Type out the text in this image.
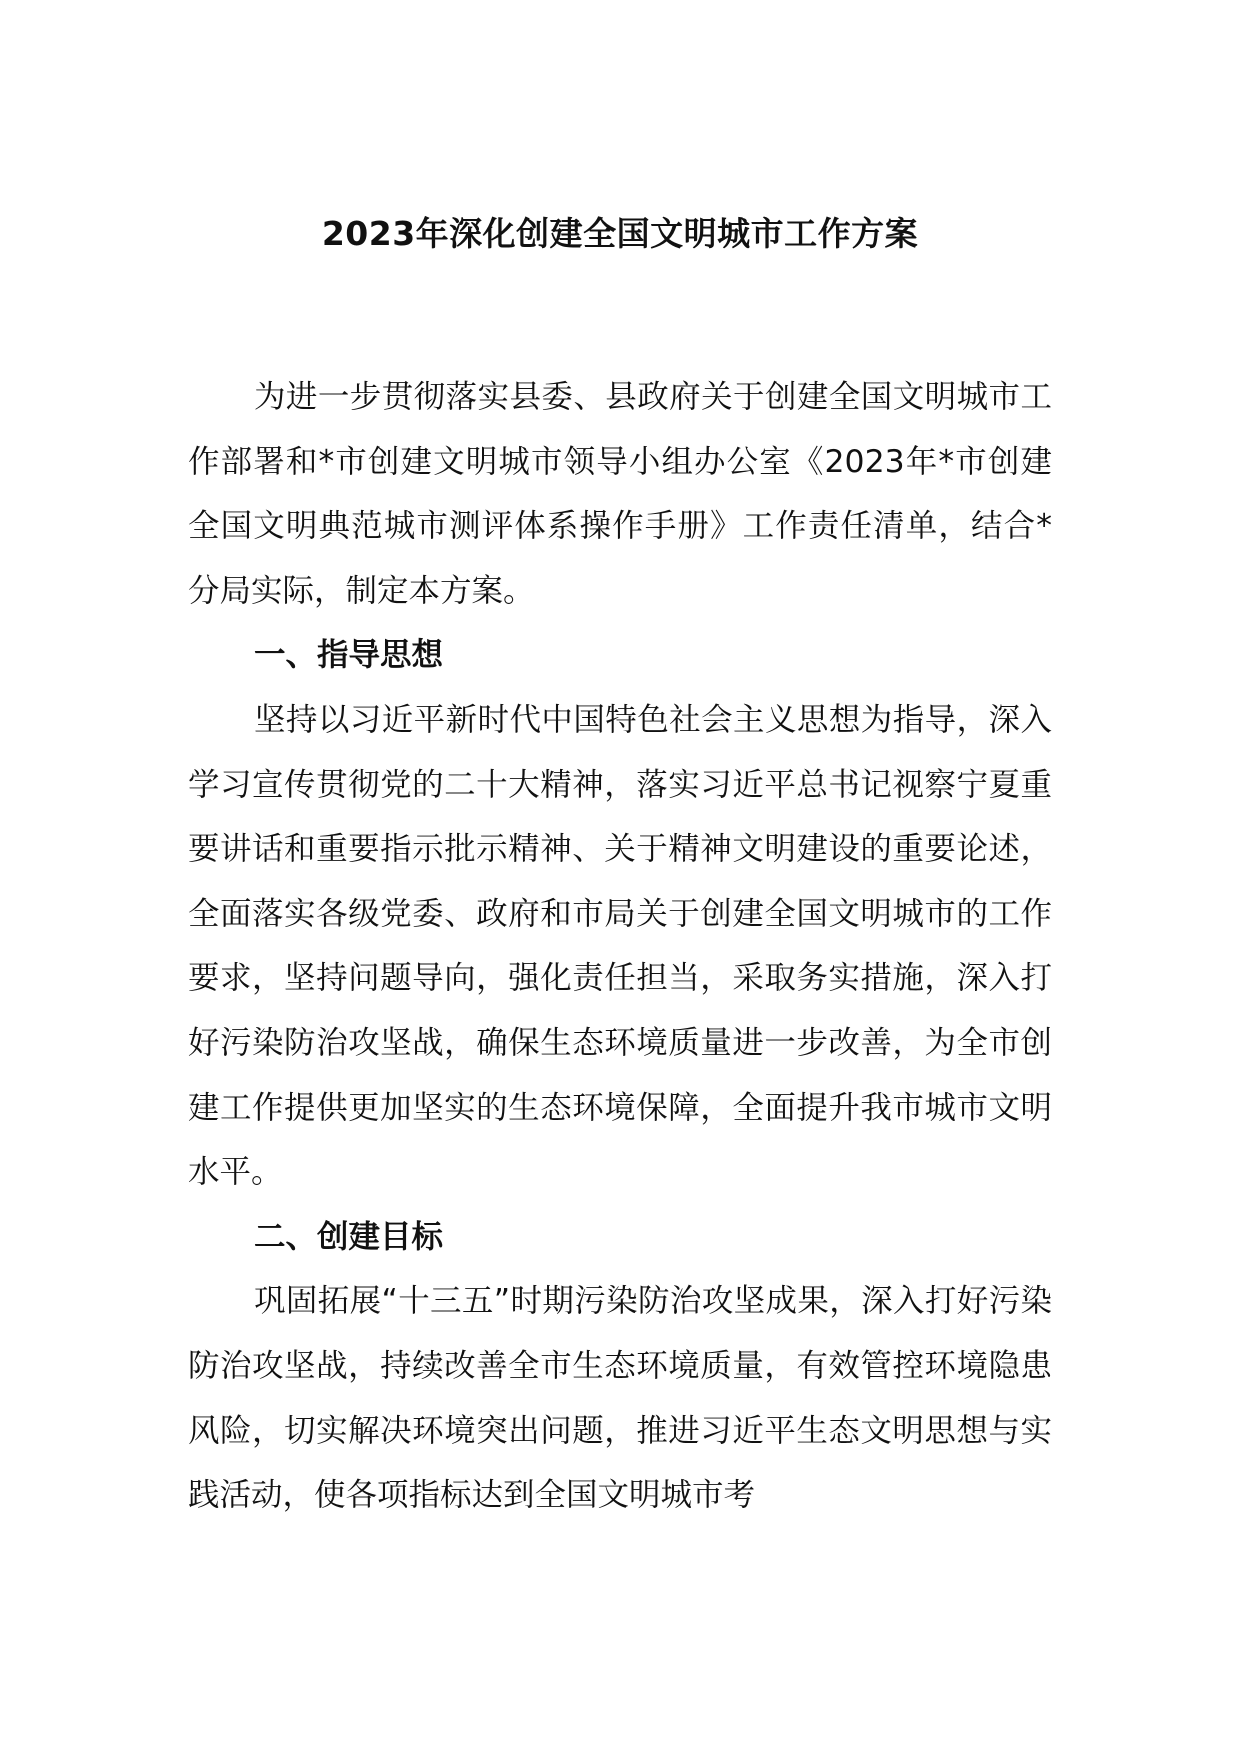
2023年深化创建全国文明城市工作方案

为进一步贯彻落实县委、县政府关于创建全国文明城市工作部署和*市创建文明城市领导小组办公室《2023年*市创建全国文明典范城市测评体系操作手册》工作责任清单，结合*分局实际，制定本方案。

一、指导思想

坚持以习近平新时代中国特色社会主义思想为指导，深入学习宣传贯彻党的二十大精神，落实习近平总书记视察宁夏重要讲话和重要指示批示精神、关于精神文明建设的重要论述，全面落实各级党委、政府和市局关于创建全国文明城市的工作要求，坚持问题导向，强化责任担当，采取务实措施，深入打好污染防治攻坚战，确保生态环境质量进一步改善，为全市创建工作提供更加坚实的生态环境保障，全面提升我市城市文明水平。

二、创建目标

巩固拓展“十三五”时期污染防治攻坚成果，深入打好污染防治攻坚战，持续改善全市生态环境质量，有效管控环境隐患风险，切实解决环境突出问题，推进习近平生态文明思想与实践活动，使各项指标达到全国文明城市考
